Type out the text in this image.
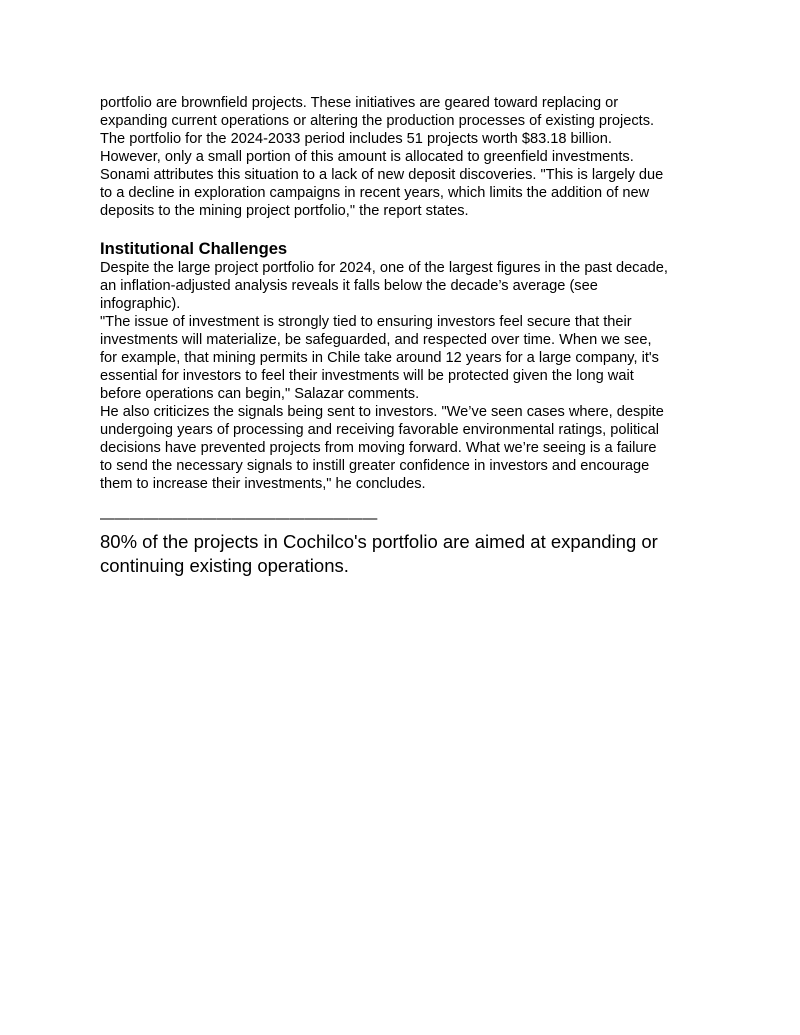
portfolio are brownfield projects. These initiatives are geared toward replacing or
expanding current operations or altering the production processes of existing projects.
The portfolio for the 2024-2033 period includes 51 projects worth $83.18 billion.
However, only a small portion of this amount is allocated to greenfield investments.
Sonami attributes this situation to a lack of new deposit discoveries. "This is largely due
to a decline in exploration campaigns in recent years, which limits the addition of new
deposits to the mining project portfolio," the report states.

Institutional Challenges

Despite the large project portfolio for 2024, one of the largest figures in the past decade,
an inflation-adjusted analysis reveals it falls below the decade’s average (see
infographic).

"The issue of investment is strongly tied to ensuring investors feel secure that their
investments will materialize, be safeguarded, and respected over time. When we see,
for example, that mining permits in Chile take around 12 years for a large company, it's
essential for investors to feel their investments will be protected given the long wait
before operations can begin," Salazar comments.

He also criticizes the signals being sent to investors. "We’ve seen cases where, despite
undergoing years of processing and receiving favorable environmental ratings, political
decisions have prevented projects from moving forward. What we’re seeing is a failure
to send the necessary signals to instill greater confidence in investors and encourage
them to increase their investments," he concludes.

———————————————————

80% of the projects in Cochilco's portfolio are aimed at expanding or
continuing existing operations.
